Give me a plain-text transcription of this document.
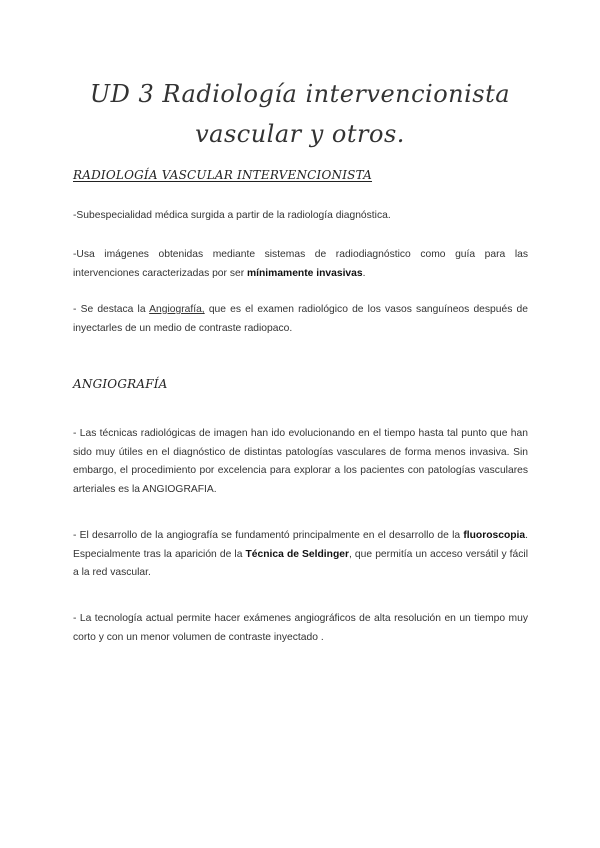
UD 3 Radiología intervencionista vascular y otros.
RADIOLOGÍA VASCULAR INTERVENCIONISTA

-Subespecialidad médica surgida a partir de la radiología diagnóstica.

-Usa imágenes obtenidas mediante sistemas de radiodiagnóstico como guía para las intervenciones caracterizadas por ser mínimamente invasivas.

- Se destaca la Angiografía, que es el examen radiológico de los vasos sanguíneos después de inyectarles de un medio de contraste radiopaco.

ANGIOGRAFÍA

- Las técnicas radiológicas de imagen han ido evolucionando en el tiempo hasta tal punto que han sido muy útiles en el diagnóstico de distintas patologías vasculares de forma menos invasiva. Sin embargo, el procedimiento por excelencia para explorar a los pacientes con patologías vasculares arteriales es la ANGIOGRAFIA.

- El desarrollo de la angiografía se fundamentó principalmente en el desarrollo de la fluoroscopia. Especialmente tras la aparición de la Técnica de Seldinger, que permitía un acceso versátil y fácil a la red vascular.

- La tecnología actual permite hacer exámenes angiográficos de alta resolución en un tiempo muy corto y con un menor volumen de contraste inyectado .
